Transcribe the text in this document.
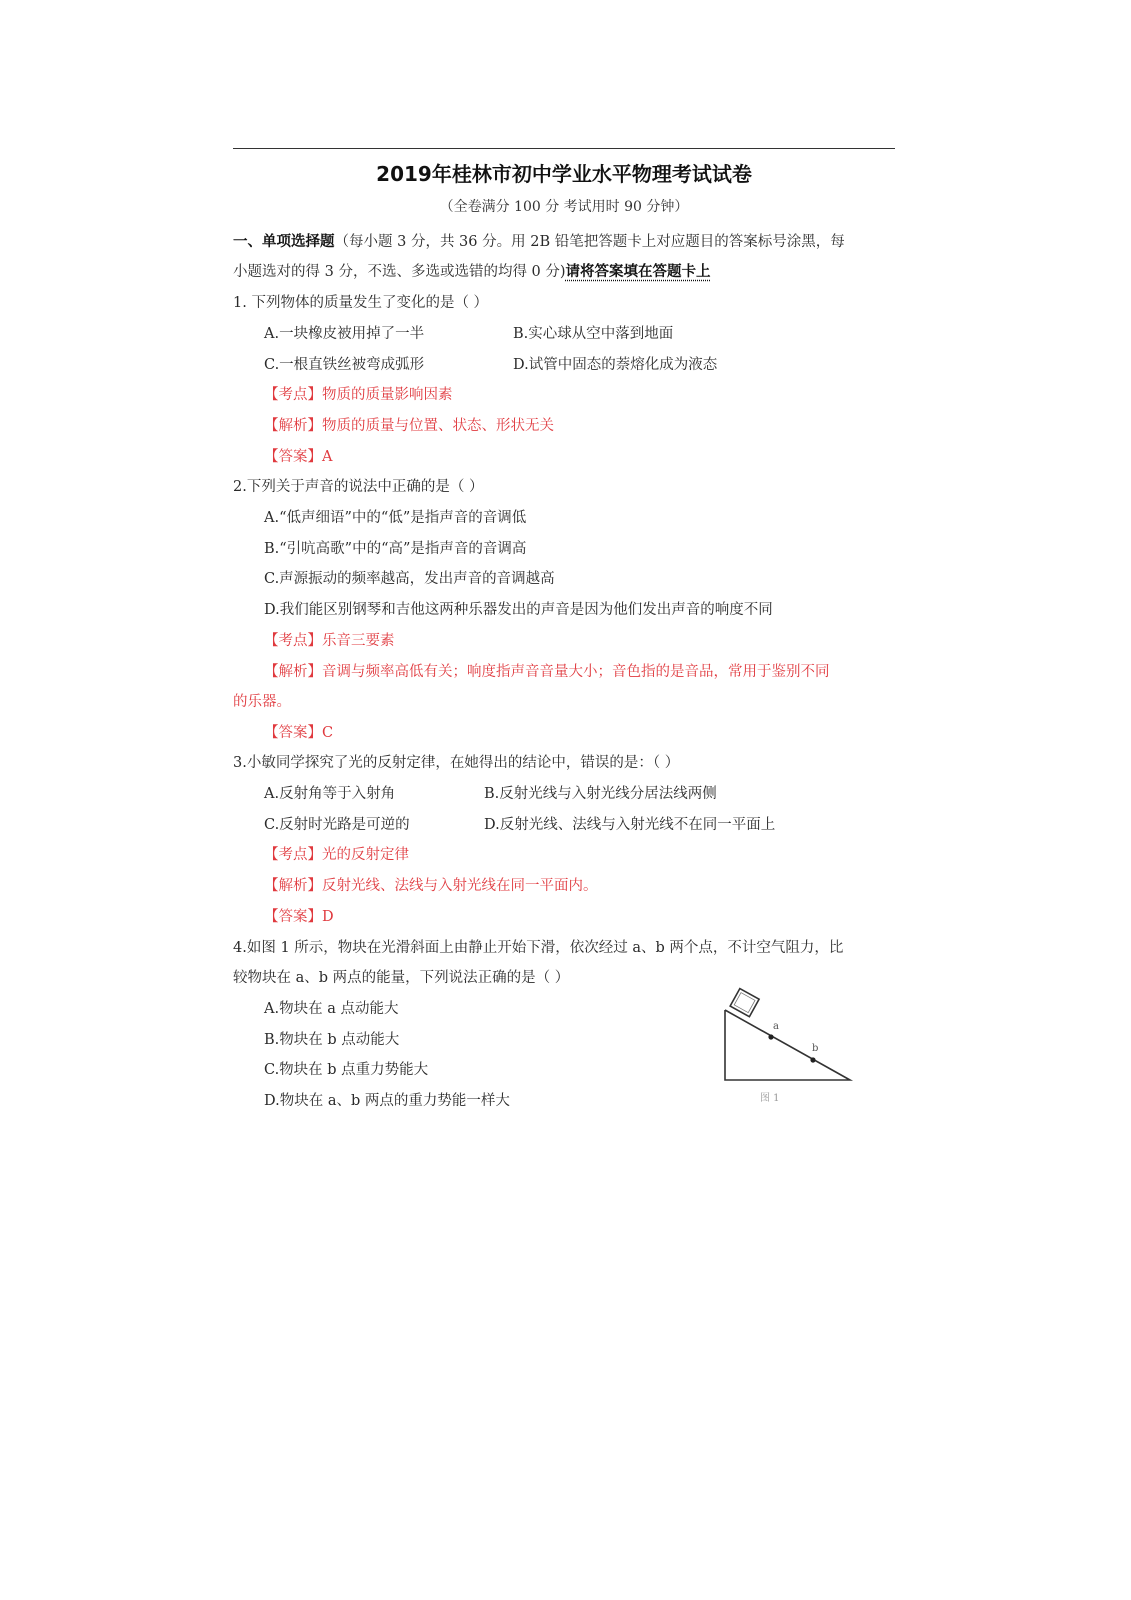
2019年桂林市初中学业水平物理考试试卷
（全卷满分 100 分 考试用时 90 分钟）
一、单项选择题（每小题 3 分，共 36 分。用 2B 铅笔把答题卡上对应题目的答案标号涂黑，每
小题选对的得 3 分，不选、多选或选错的均得 0 分)请将答案填在答题卡上
1. 下列物体的质量发生了变化的是（ ）
A.一块橡皮被用掉了一半	B.实心球从空中落到地面
C.一根直铁丝被弯成弧形	D.试管中固态的萘熔化成为液态
【考点】物质的质量影响因素
【解析】物质的质量与位置、状态、形状无关
【答案】A
2.下列关于声音的说法中正确的是（ ）
A.“低声细语”中的“低”是指声音的音调低
B.“引吭高歌”中的“高”是指声音的音调高
C.声源振动的频率越高，发出声音的音调越高
D.我们能区别钢琴和吉他这两种乐器发出的声音是因为他们发出声音的响度不同
【考点】乐音三要素
【解析】音调与频率高低有关；响度指声音音量大小；音色指的是音品，常用于鉴别不同
的乐器。
【答案】C
3.小敏同学探究了光的反射定律，在她得出的结论中，错误的是：（ ）
A.反射角等于入射角	B.反射光线与入射光线分居法线两侧
C.反射时光路是可逆的	D.反射光线、法线与入射光线不在同一平面上
【考点】光的反射定律
【解析】反射光线、法线与入射光线在同一平面内。
【答案】D
4.如图 1 所示，物块在光滑斜面上由静止开始下滑，依次经过 a、b 两个点，不计空气阻力，比
较物块在 a、b 两点的能量，下列说法正确的是（ ）
A.物块在 a 点动能大
B.物块在 b 点动能大
C.物块在 b 点重力势能大
D.物块在 a、b 两点的重力势能一样大
a
b
图 1
